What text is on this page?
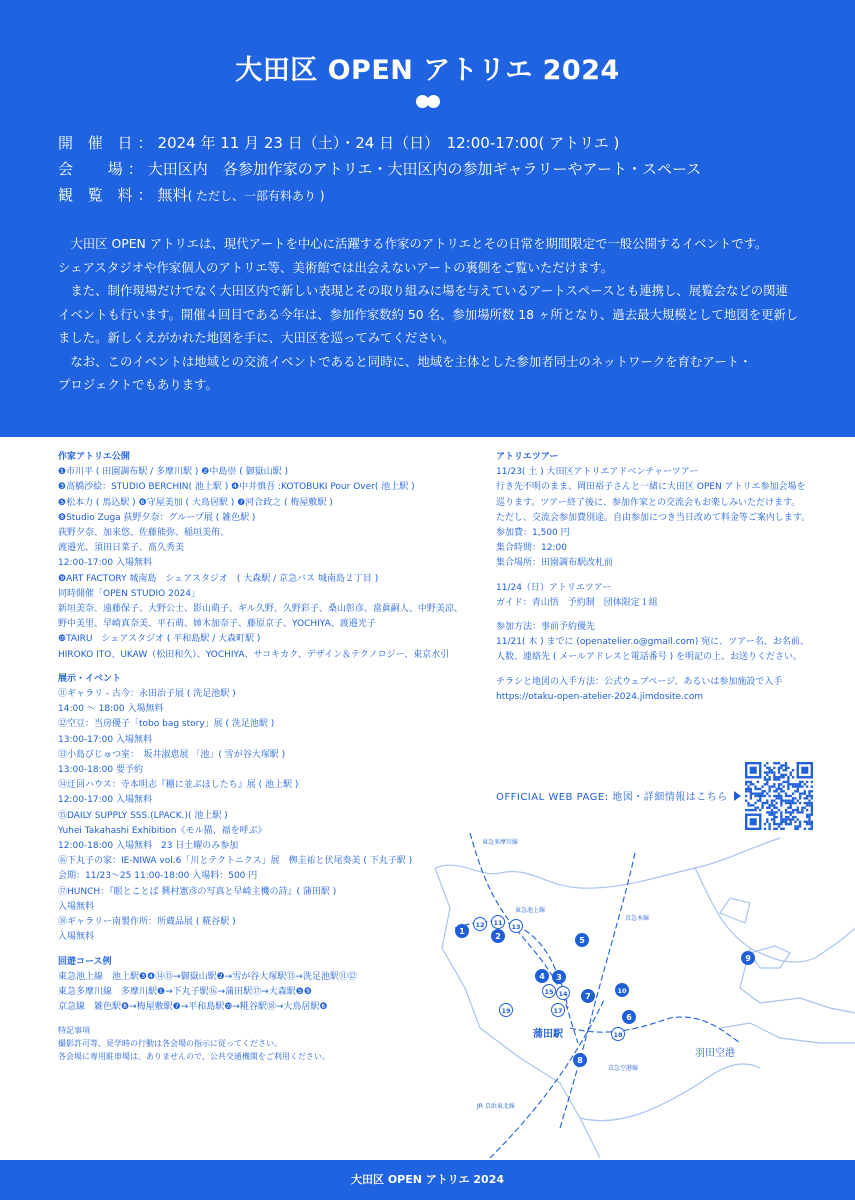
大田区 OPEN アトリエ 2024
開 催 日：2024 年 11 月 23 日（土）・24 日（日）　12:00-17:00( アトリエ )
会　 場：大田区内　各参加作家のアトリエ・大田区内の参加ギャラリーやアート・スペース
観 覧 料：無料( ただし、一部有料あり )

　大田区 OPEN アトリエは、現代アートを中心に活躍する作家のアトリエとその日常を期間限定で一般公開するイベントです。

シェアスタジオや作家個人のアトリエ等、美術館では出会えないアートの裏側をご覧いただけます。

　また、制作現場だけでなく大田区内で新しい表現とその取り組みに場を与えているアートスペースとも連携し、展覧会などの関連

イベントも行います。開催４回目である今年は、参加作家数約 50 名、参加場所数 18 ヶ所となり、過去最大規模として地図を更新し

ました。新しくえがかれた地図を手に、大田区を巡ってみてください。

　なお、このイベントは地域との交流イベントであると同時に、地域を主体とした参加者同士のネットワークを育むアート・

プロジェクトでもあります。

作家アトリエ公開
❶市川平 ( 田園調布駅 / 多摩川駅 ) ❷中島崇 ( 御嶽山駅 )
❸高橋沙絵：STUDIO BERCHIN( 池上駅 ) ❹中井慎吾 :KOTOBUKI Pour Over( 池上駅 )
❺松本力 ( 馬込駅 ) ❻守屋美加 ( 大鳥居駅 ) ❼河合政之 ( 梅屋敷駅 )
❽Studio Zuga 荻野夕奈：グループ展 ( 雑色駅 )
荻野夕奈、加来悠、佐藤熊弥、稲垣美侑、
渡邉光、須田日菜子、髙久秀美
12:00-17:00 入場無料
❾ART FACTORY 城南島　シェアスタジオ　( 大森駅 / 京急バス 城南島２丁目 )
同時開催「OPEN STUDIO 2024」
新垣美奈、遠藤保子、大野公士、影山萌子、ギル久野、久野彩子、桑山彰彦、當眞嗣人、中野美涼、
野中美里、早崎真奈美、平石萌、姉木加奈子、藤原京子、YOCHIYA、渡邉光子
❿TAIRU　シェアスタジオ ( 平和島駅 / 大森町駅 )
HIROKO ITO、UKAW（松田和久）、YOCHIYA、サコキカク、デザイン＆テクノロジー、東京水引
展示・イベント
⑪ギャラリ - 古今：永田治子展 ( 洗足池駅 )
14:00 ～ 18:00 入場無料
⑫空豆：当房優子「tobo bag story」展 ( 洗足池駅 )
13:00-17:00 入場無料
⑬小島びじゅつ室：　坂井淑恵展 「池」( 雪が谷大塚駅 )
13:00-18:00 要予約
⑭迂回ハウス：寺本明志『棚に並ぶほしたち』展 ( 池上駅 )
12:00-17:00 入場無料
⑮DAILY SUPPLY SSS.(LPACK.)( 池上駅 )
Yuhei Takahashi Exhibition《モル猫、福を呼ぶ》
12:00-18:00 入場無料　23 日土曜のみ参加
⑯下丸子の家：IE-NIWA vol.6「川とテクトニクス」展　栁圭祐と伏尾奏美 ( 下丸子駅 )
会期：11/23～25 11:00-18:00 入場料：500 円
⑰HUNCH：『眼とことば 興村憲彦の写真と早崎主機の詩』( 蒲田駅 )
入場無料
⑱ギャラリー南製作所：所蔵品展 ( 糀谷駅 )
入場無料
回遊コース例
東急池上線　池上駅❸❹⑭⑮→御嶽山駅❷→雪が谷大塚駅⑬→洗足池駅⑪⑫
東急多摩川線　多摩川駅❶→下丸子駅⑯→蒲田駅⑰→大森駅❺❾
京急線　雑色駅❽→梅屋敷駅❼→平和島駅❿→糀谷駅⑱→大鳥居駅❻
特記事項
撮影許可等、見学時の行動は各会場の指示に従ってください。
各会場に専用駐車場は、ありませんので、公共交通機関をご利用ください。
アトリエツアー
11/23( 土 ) 大田区アトリエアドベンチャーツアー
行き先不明のまま、岡田裕子さんと一緒に大田区 OPEN アトリエ参加会場を
巡ります。ツアー終了後に、参加作家との交流会もお楽しみいただけます。
ただし、交流会参加費別途。自由参加につき当日改めて料金等ご案内します。
参加費：1,500 円
集合時間：12:00
集合場所：田園調布駅改札前
11/24（日）アトリエツアー
ガイド：青山悟　予約制　団体限定１組
参加方法：事前予約優先
11/21( 木 ) までに (openatelier.o@gmail.com) 宛に、ツアー名、お名前、
人数、連絡先 ( メールアドレスと電話番号 ) を明記の上、お送りください。
チラシと地図の入手方法：公式ウェブページ、あるいは参加施設で入手
https://otaku-open-atelier-2024.jimdosite.com
OFFICIAL WEB PAGE: 地図・詳細情報はこちら
東急多摩川線
東急池上線
京急本線
京急空港線
JR 京浜東北線
蒲田駅
羽田空港
1
12 11 13
2	5
4 3
15 14 7
10
19	17
6
18
8
9
大田区 OPEN アトリエ 2024
